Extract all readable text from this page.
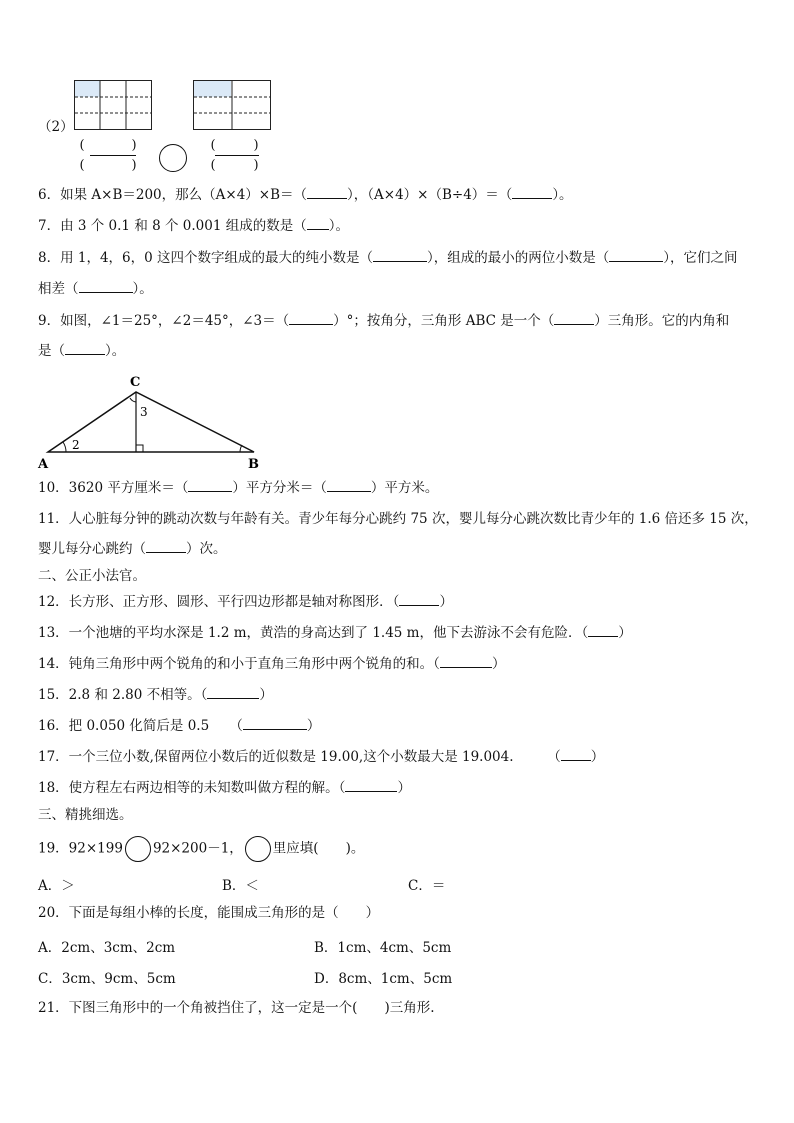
（2）
(	)
(	)
(	)
(	)
6．如果 A×B＝200，那么（A×4）×B＝（	），（A×4）×（B÷4）＝（	）。
7．由 3 个 0.1 和 8 个 0.001 组成的数是（ ）。
8．用 1，4，6，0 这四个数字组成的最大的纯小数是（	），组成的最小的两位小数是（	），它们之间
相差（	）。
9．如图，∠1＝25°，∠2＝45°，∠3＝（	）°；按角分，三角形 ABC 是一个（	）三角形。它的内角和
是（	）。
C
A	B
2
3
10．3620 平方厘米＝（	）平方分米＝（	）平方米。
11．人心脏每分钟的跳动次数与年龄有关。青少年每分心跳约 75 次，婴儿每分心跳次数比青少年的 1.6 倍还多 15 次，
婴儿每分心跳约（	）次。
二、公正小法官。
12．长方形、正方形、圆形、平行四边形都是轴对称图形．（	）
13．一个池塘的平均水深是 1.2 m，黄浩的身高达到了 1.45 m，他下去游泳不会有危险．（ ）
14．钝角三角形中两个锐角的和小于直角三角形中两个锐角的和。（	）
15．2.8 和 2.80 不相等。（	）
16．把 0.050 化简后是 0.5　　（	）
17．一个三位小数,保留两位小数后的近似数是 19.00,这个小数最大是 19.004.　　　（ ）
18．使方程左右两边相等的未知数叫做方程的解。（	）
三、精挑细选。
19．92×199 92×200－1， 里应填(　　)。
A．＞	B．＜	C．＝
20．下面是每组小棒的长度，能围成三角形的是（　　）
A．2cm、3cm、2cm	B．1cm、4cm、5cm
C．3cm、9cm、5cm	D．8cm、1cm、5cm
21．下图三角形中的一个角被挡住了，这一定是一个(　　)三角形.
